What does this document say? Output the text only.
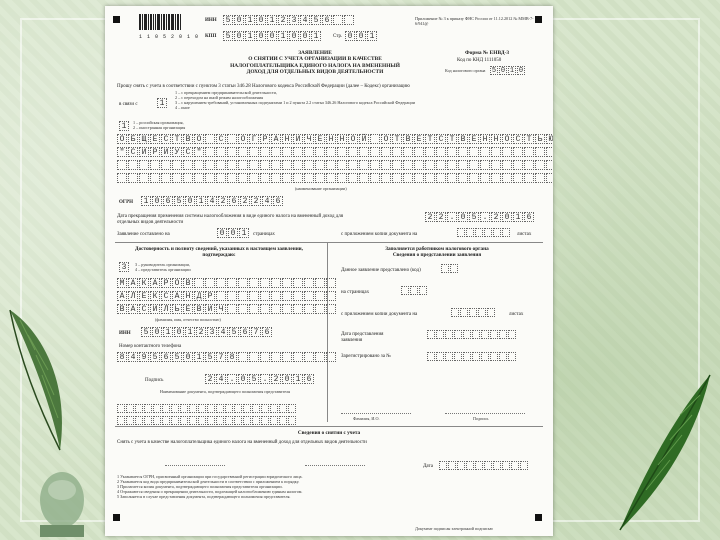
1 1 0 5 2 0 1 0
ИНН	5 0 1 0 1 2 3 4 5 6
КПП	5 0 1 0 0 1 0 0 1	Стр. 0 0 1
Приложение № 3 к приказу ФНС России от 11.12.2012 № ММВ-7-6/941@
ЗАЯВЛЕНИЕ
О СНЯТИИ С УЧЕТА ОРГАНИЗАЦИИ В КАЧЕСТВЕ
НАЛОГОПЛАТЕЛЬЩИКА ЕДИНОГО НАЛОГА НА ВМЕНЕННЫЙ
ДОХОД ДЛЯ ОТДЕЛЬНЫХ ВИДОВ ДЕЯТЕЛЬНОСТИ
Форма № ЕНВД-3
Код по КНД 1111050
Код налогового органа 5 0 1 0
Прошу снять с учета в соответствии с пунктом 3 статьи 346.28 Налогового кодекса Российской Федерации (далее – Кодекс) организацию
в связи с	1
1 – с прекращением предпринимательской деятельности,
2 – с переходом на иной режим налогообложения
3 – с нарушением требований, установленных подпунктами 1 и 2 пункта 2.2 статьи 346.26 Налогового кодекса Российской Федерации
4 – иное
1	1 – российская организация,
2 – иностранная организация
О Б Щ Е С Т В О	С	О Г Р А Н И Ч Е Н Н О Й	О Т В Е Т С Т В Е Н Н О С Т Ь Ю
" С И Р И У С "
(наименование организации)
ОГРН	1 0 6 5 0 1 4 2 6 2 2 4 6
Дата прекращения применения системы налогообложения в виде единого налога на вмененный доход для отдельных видов деятельности
2 2 . 0 5 . 2 0 1 6
Заявление составлено на	0 0 1	страницах	с приложением копии документа на	листах
Достоверность и полноту сведений, указанных в настоящем заявлении, подтверждаю:
3	3 – руководитель организации,
4 – представитель организации
М А К А Р О В
А Л Е К С А Н Д Р
В А С И Л Ь Е В И Ч
(фамилия, имя, отчество полностью)
ИНН	5 0 1 0 1 2 3 4 5 6 7 6
Номер контактного телефона
8 4 9 5 6 5 0 1 5 7 8
Подпись	2 4 . 0 5 . 2 0 1 6
Наименование документа, подтверждающего полномочия представителя
Заполняется работником налогового органа
Сведения о представлении заявления
Данное заявление представлено (код)
на страницах
с приложением копии документа на	листах
Дата представления заявления
Зарегистрировано за №
Фамилия, И.О.	Подпись
Сведения о снятии с учета
Снять с учета в качестве налогоплательщика единого налога на вмененный доход для отдельных видов деятельности
Дата
1 Указывается ОГРН, присвоенный организации при государственной регистрации юридического лица.
2 Указывается код вида предпринимательской деятельности в соответствии с приложением к порядку.
3 Прилагается копия документа, подтверждающего полномочия представителя организации.
4 Отражаются сведения о прекращении деятельности, подлежащей налогообложению единым налогом.
5 Заполняется в случае представления документа, подтверждающего полномочия представителя.
Документ подписан электронной подписью
